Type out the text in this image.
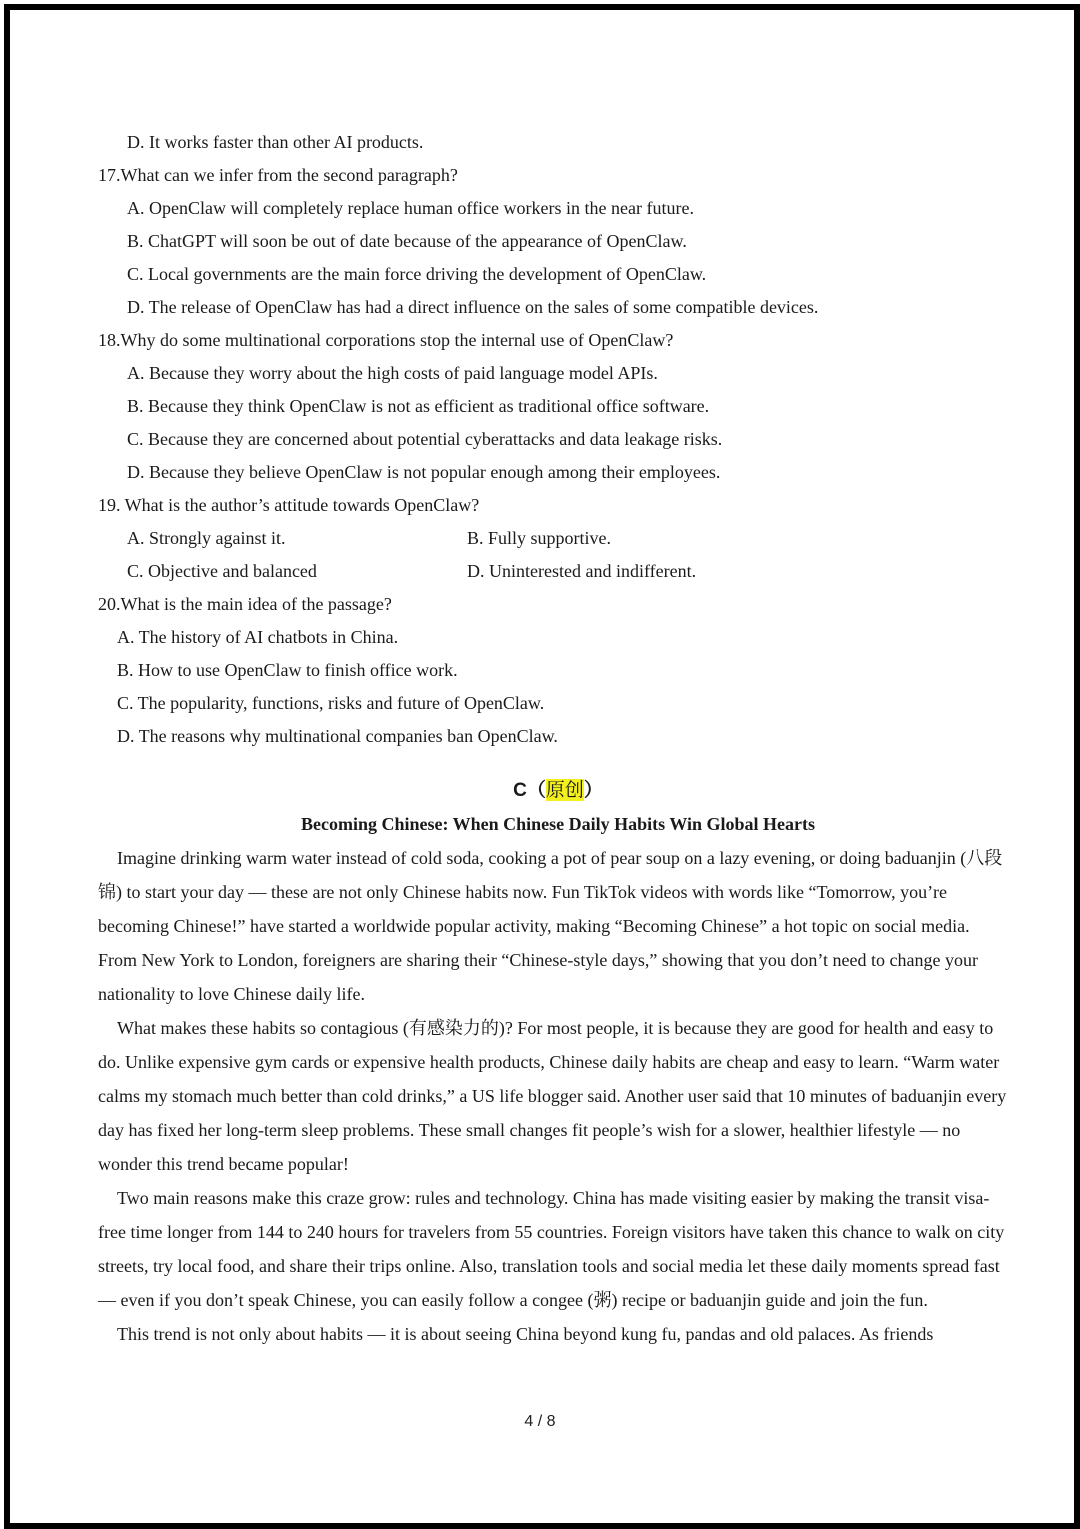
D. It works faster than other AI products.
17.What can we infer from the second paragraph?
A. OpenClaw will completely replace human office workers in the near future.
B. ChatGPT will soon be out of date because of the appearance of OpenClaw.
C. Local governments are the main force driving the development of OpenClaw.
D. The release of OpenClaw has had a direct influence on the sales of some compatible devices.
18.Why do some multinational corporations stop the internal use of OpenClaw?
A. Because they worry about the high costs of paid language model APIs.
B. Because they think OpenClaw is not as efficient as traditional office software.
C. Because they are concerned about potential cyberattacks and data leakage risks.
D. Because they believe OpenClaw is not popular enough among their employees.
19. What is the author’s attitude towards OpenClaw?
A. Strongly against it.	B. Fully supportive.
C. Objective and balanced	D. Uninterested and indifferent.
20.What is the main idea of the passage?
A. The history of AI chatbots in China.
B. How to use OpenClaw to finish office work.
C. The popularity, functions, risks and future of OpenClaw.
D. The reasons why multinational companies ban OpenClaw.
C（原创）
Becoming Chinese: When Chinese Daily Habits Win Global Hearts

Imagine drinking warm water instead of cold soda, cooking a pot of pear soup on a lazy evening, or doing baduanjin (八段锦) to start your day — these are not only Chinese habits now. Fun TikTok videos with words like “Tomorrow, you’re becoming Chinese!” have started a worldwide popular activity, making “Becoming Chinese” a hot topic on social media. From New York to London, foreigners are sharing their “Chinese-style days,” showing that you don’t need to change your nationality to love Chinese daily life.

What makes these habits so contagious (有感染力的)? For most people, it is because they are good for health and easy to do. Unlike expensive gym cards or expensive health products, Chinese daily habits are cheap and easy to learn. “Warm water calms my stomach much better than cold drinks,” a US life blogger said. Another user said that 10 minutes of baduanjin every day has fixed her long-term sleep problems. These small changes fit people’s wish for a slower, healthier lifestyle — no wonder this trend became popular!

Two main reasons make this craze grow: rules and technology. China has made visiting easier by making the transit visa-free time longer from 144 to 240 hours for travelers from 55 countries. Foreign visitors have taken this chance to walk on city streets, try local food, and share their trips online. Also, translation tools and social media let these daily moments spread fast — even if you don’t speak Chinese, you can easily follow a congee (粥) recipe or baduanjin guide and join the fun.

This trend is not only about habits — it is about seeing China beyond kung fu, pandas and old palaces. As friends

4 / 8
